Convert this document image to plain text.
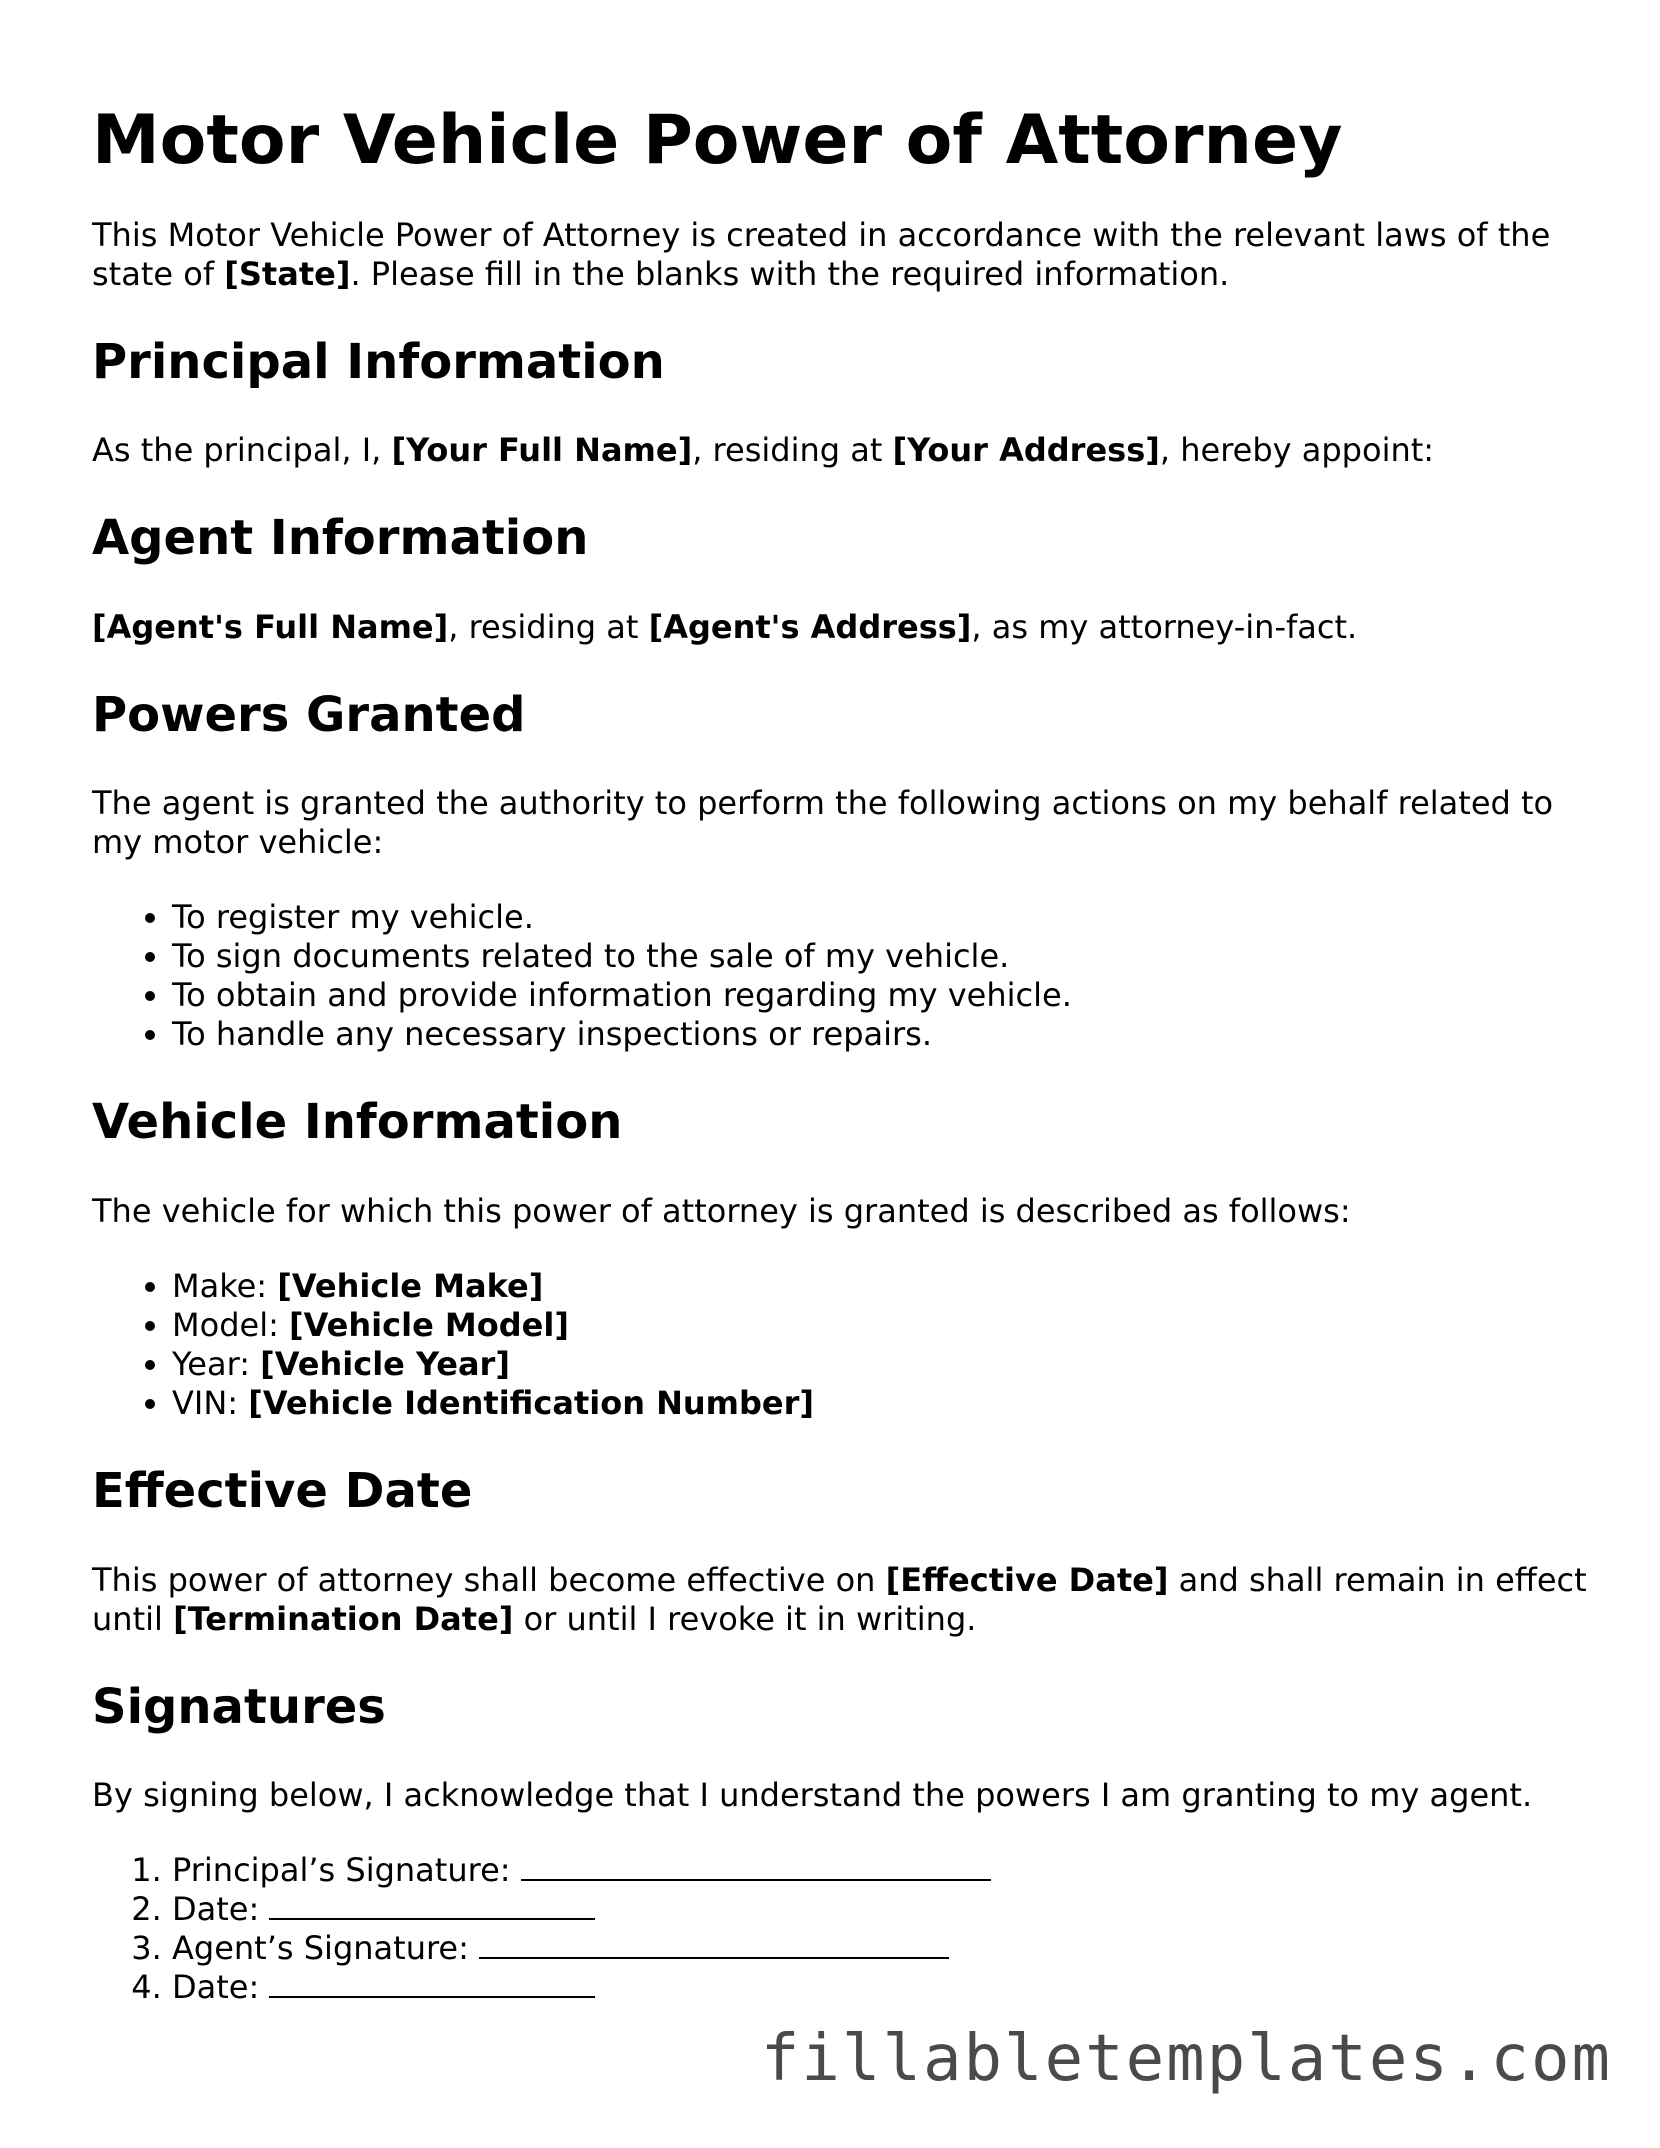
Motor Vehicle Power of Attorney

This Motor Vehicle Power of Attorney is created in accordance with the relevant laws of the state of [State]. Please fill in the blanks with the required information.

Principal Information

As the principal, I, [Your Full Name], residing at [Your Address], hereby appoint:

Agent Information

[Agent's Full Name], residing at [Agent's Address], as my attorney-in-fact.

Powers Granted

The agent is granted the authority to perform the following actions on my behalf related to my motor vehicle:

• To register my vehicle.
• To sign documents related to the sale of my vehicle.
• To obtain and provide information regarding my vehicle.
• To handle any necessary inspections or repairs.
Vehicle Information

The vehicle for which this power of attorney is granted is described as follows:

• Make: [Vehicle Make]
• Model: [Vehicle Model]
• Year: [Vehicle Year]
• VIN: [Vehicle Identification Number]
Effective Date

This power of attorney shall become effective on [Effective Date] and shall remain in effect until [Termination Date] or until I revoke it in writing.

Signatures

By signing below, I acknowledge that I understand the powers I am granting to my agent.

1. Principal’s Signature:
2. Date:
3. Agent’s Signature:
4. Date:
fillabletemplates.com
